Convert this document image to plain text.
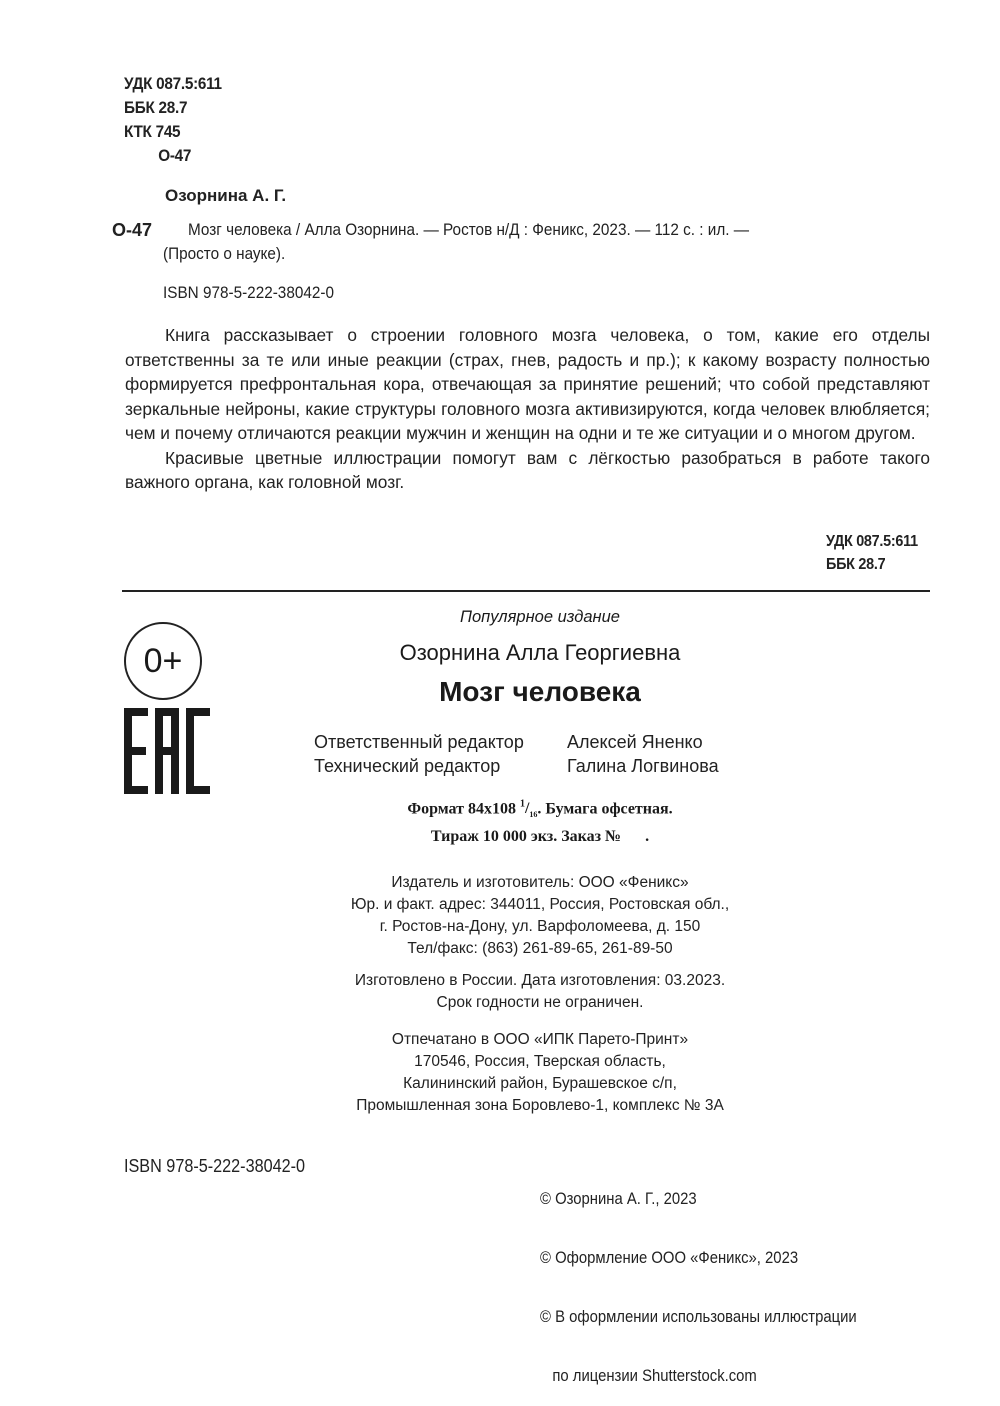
УДК 087.5:611
ББК 28.7
КТК 745
О-47
Озорнина А. Г.
О-47 Мозг человека / Алла Озорнина. — Ростов н/Д : Феникс, 2023. — 112 с. : ил. —
(Просто о науке).
ISBN 978-5-222-38042-0

Книга рассказывает о строении головного мозга человека, о том, какие его отделы ответственны за те или иные реакции (страх, гнев, радость и пр.); к какому возрасту полностью формируется префронтальная кора, отвечающая за принятие решений; что собой представляют зеркальные нейроны, какие структуры головного мозга активизируются, когда человек влюбляется; чем и почему отличаются реакции мужчин и женщин на одни и те же ситуации и о многом другом.

Красивые цветные иллюстрации помогут вам с лёгкостью разобраться в работе такого важного органа, как головной мозг.

УДК 087.5:611
ББК 28.7
0+
Популярное издание
Озорнина Алла Георгиевна
Мозг человека
Ответственный редактор
Технический редактор
Алексей Яненко
Галина Логвинова
Формат 84x108 $^1/_{16}$. Бумага офсетная.
Тираж 10 000 экз. Заказ №      .
Издатель и изготовитель: ООО «Феникс»
Юр. и факт. адрес: 344011, Россия, Ростовская обл.,
г. Ростов-на-Дону, ул. Варфоломеева, д. 150
Тел/факс: (863) 261-89-65, 261-89-50
Изготовлено в России. Дата изготовления: 03.2023.
Срок годности не ограничен.
Отпечатано в ООО «ИПК Парето-Принт»
170546, Россия, Тверская область,
Калининский район, Бурашевское с/п,
Промышленная зона Боровлево-1, комплекс № 3А
ISBN 978-5-222-38042-0

© Озорнина А. Г., 2023

© Оформление ООО «Феникс», 2023

© В оформлении использованы иллюстрации

по лицензии Shutterstock.com
